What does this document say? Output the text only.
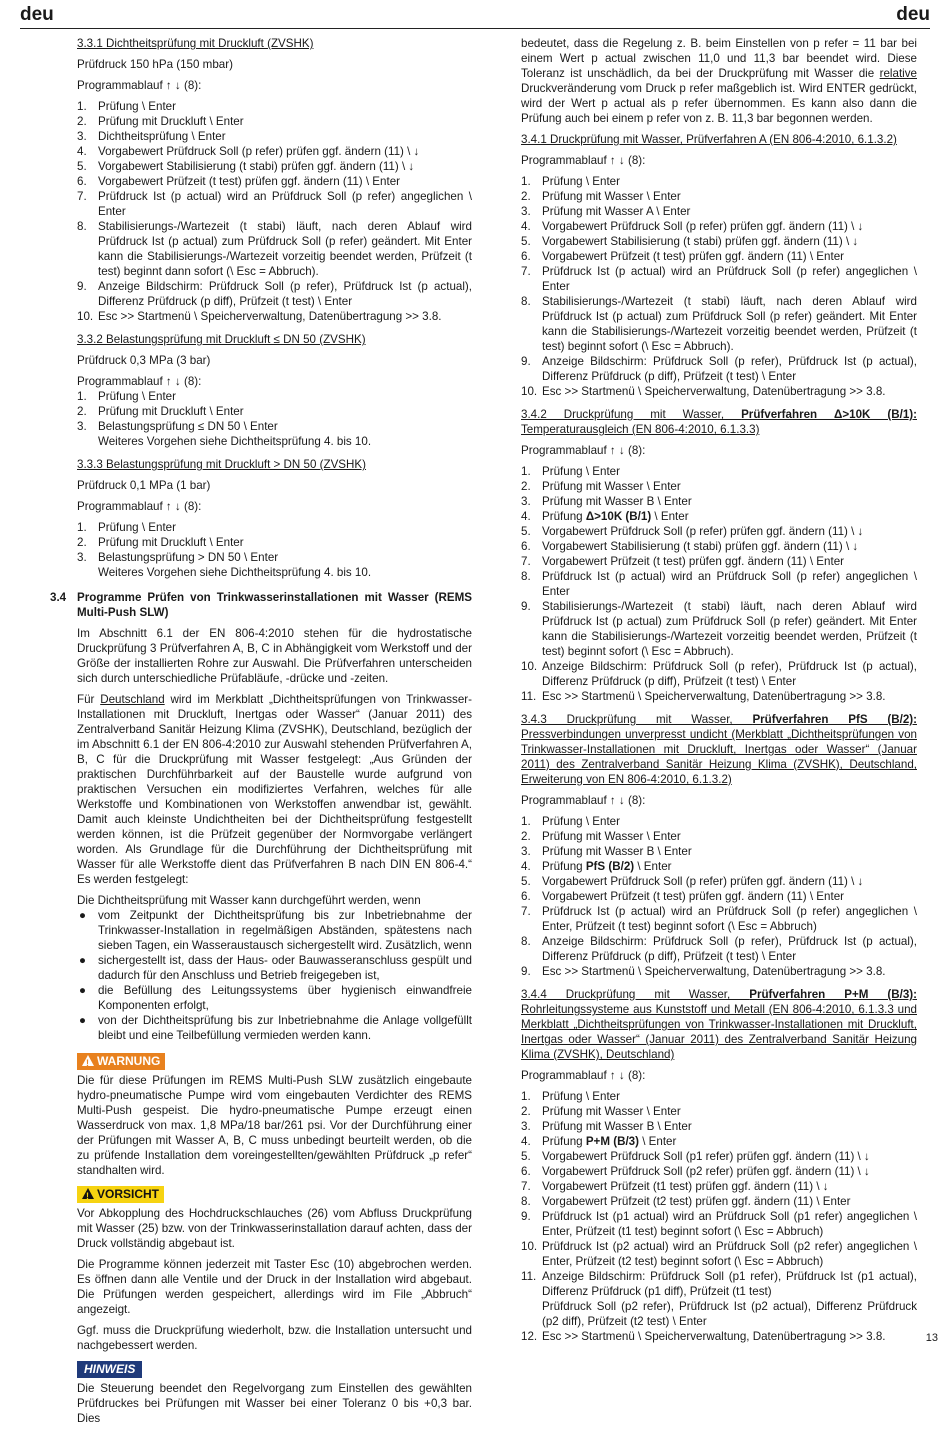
deu	deu

3.3.1 Dichtheitsprüfung mit Druckluft (ZVSHK)

Prüfdruck 150 hPa (150 mbar)

Programmablauf ↑ ↓ (8):

1. Prüfung \ Enter
2. Prüfung mit Druckluft \ Enter
3. Dichtheitsprüfung \ Enter
4. Vorgabewert Prüfdruck Soll (p refer) prüfen ggf. ändern (11) \ ↓
5. Vorgabewert Stabilisierung (t stabi) prüfen ggf. ändern (11) \ ↓
6. Vorgabewert Prüfzeit (t test) prüfen ggf. ändern (11) \ Enter
7. Prüfdruck Ist (p actual) wird an Prüfdruck Soll (p refer) angeglichen \ Enter
8. Stabilisierungs-/Wartezeit (t stabi) läuft, nach deren Ablauf wird Prüfdruck Ist (p actual) zum Prüfdruck Soll (p refer) geändert. Mit Enter kann die Stabilisierungs-/Wartezeit vorzeitig beendet werden, Prüfzeit (t test) beginnt dann sofort (\ Esc = Abbruch).
9. Anzeige Bildschirm: Prüfdruck Soll (p refer), Prüfdruck Ist (p actual), Differenz Prüfdruck (p diff), Prüfzeit (t test) \ Enter
10. Esc >> Startmenü \ Speicherverwaltung, Datenübertragung >> 3.8.

3.3.2 Belastungsprüfung mit Druckluft ≤ DN 50 (ZVSHK)

Prüfdruck 0,3 MPa (3 bar)

Programmablauf ↑ ↓ (8):

1. Prüfung \ Enter
2. Prüfung mit Druckluft \ Enter
3. Belastungsprüfung ≤ DN 50 \ Enter

Weiteres Vorgehen siehe Dichtheitsprüfung 4. bis 10.

3.3.3 Belastungsprüfung mit Druckluft > DN 50 (ZVSHK)

Prüfdruck 0,1 MPa (1 bar)

Programmablauf ↑ ↓ (8):

1. Prüfung \ Enter
2. Prüfung mit Druckluft \ Enter
3. Belastungsprüfung > DN 50 \ Enter

Weiteres Vorgehen siehe Dichtheitsprüfung 4. bis 10.

3.4 Programme Prüfen von Trinkwasserinstallationen mit Wasser (REMS Multi-Push SLW)

Im Abschnitt 6.1 der EN 806-4:2010 stehen für die hydrostatische Druckprüfung 3 Prüfverfahren A, B, C in Abhängigkeit vom Werkstoff und der Größe der installierten Rohre zur Auswahl. Die Prüfverfahren unterscheiden sich durch unterschiedliche Prüfabläufe, -drücke und -zeiten.

Für Deutschland wird im Merkblatt „Dichtheitsprüfungen von Trinkwasser-Installationen mit Druckluft, Inertgas oder Wasser“ (Januar 2011) des Zentralverband Sanitär Heizung Klima (ZVSHK), Deutschland, bezüglich der im Abschnitt 6.1 der EN 806-4:2010 zur Auswahl stehenden Prüfverfahren A, B, C für die Druckprüfung mit Wasser festgelegt: „Aus Gründen der praktischen Durchführbarkeit auf der Baustelle wurde aufgrund von praktischen Versuchen ein modifiziertes Verfahren, welches für alle Werkstoffe und Kombinationen von Werkstoffen anwendbar ist, gewählt. Damit auch kleinste Undichtheiten bei der Dichtheitsprüfung festgestellt werden können, ist die Prüfzeit gegenüber der Normvorgabe verlängert worden. Als Grundlage für die Durchführung der Dichtheitsprüfung mit Wasser für alle Werkstoffe dient das Prüfverfahren B nach DIN EN 806-4.“ Es werden festgelegt:

Die Dichtheitsprüfung mit Wasser kann durchgeführt werden, wenn

● vom Zeitpunkt der Dichtheitsprüfung bis zur Inbetriebnahme der Trinkwasser-Installation in regelmäßigen Abständen, spätestens nach sieben Tagen, ein Wasseraustausch sichergestellt wird. Zusätzlich, wenn
● sichergestellt ist, dass der Haus- oder Bauwasseranschluss gespült und dadurch für den Anschluss und Betrieb freigegeben ist,
● die Befüllung des Leitungssystems über hygienisch einwandfreie Komponenten erfolgt,
● von der Dichtheitsprüfung bis zur Inbetriebnahme die Anlage vollgefüllt bleibt und eine Teilbefüllung vermieden werden kann.
!WARNUNG

Die für diese Prüfungen im REMS Multi-Push SLW zusätzlich eingebaute hydro-pneumatische Pumpe wird vom eingebauten Verdichter des REMS Multi-Push gespeist. Die hydro-pneumatische Pumpe erzeugt einen Wasserdruck von max. 1,8 MPa/18 bar/261 psi. Vor der Durchführung einer der Prüfungen mit Wasser A, B, C muss unbedingt beurteilt werden, ob die zu prüfende Installation dem voreingestellten/gewählten Prüfdruck „p refer“ standhalten wird.

!VORSICHT

Vor Abkopplung des Hochdruckschlauches (26) vom Abfluss Druckprüfung mit Wasser (25) bzw. von der Trinkwasserinstallation darauf achten, dass der Druck vollständig abgebaut ist.

Die Programme können jederzeit mit Taster Esc (10) abgebrochen werden. Es öffnen dann alle Ventile und der Druck in der Installation wird abgebaut. Die Prüfungen werden gespeichert, allerdings wird im File „Abbruch“ angezeigt.

Ggf. muss die Druckprüfung wiederholt, bzw. die Installation untersucht und nachgebessert werden.

HINWEIS

Die Steuerung beendet den Regelvorgang zum Einstellen des gewählten Prüfdruckes bei Prüfungen mit Wasser bei einer Toleranz 0 bis +0,3 bar. Dies

bedeutet, dass die Regelung z. B. beim Einstellen von p refer = 11 bar bei einem Wert p actual zwischen 11,0 und 11,3 bar beendet wird. Diese Toleranz ist unschädlich, da bei der Druckprüfung mit Wasser die relative Druckveränderung vom Druck p refer maßgeblich ist. Wird ENTER gedrückt, wird der Wert p actual als p refer übernommen. Es kann also dann die Prüfung auch bei einem p refer von z. B. 11,3 bar begonnen werden.

3.4.1 Druckprüfung mit Wasser, Prüfverfahren A (EN 806-4:2010, 6.1.3.2)

Programmablauf ↑ ↓ (8):

1. Prüfung \ Enter
2. Prüfung mit Wasser \ Enter
3. Prüfung mit Wasser A \ Enter
4. Vorgabewert Prüfdruck Soll (p refer) prüfen ggf. ändern (11) \ ↓
5. Vorgabewert Stabilisierung (t stabi) prüfen ggf. ändern (11) \ ↓
6. Vorgabewert Prüfzeit (t test) prüfen ggf. ändern (11) \ Enter
7. Prüfdruck Ist (p actual) wird an Prüfdruck Soll (p refer) angeglichen \ Enter
8. Stabilisierungs-/Wartezeit (t stabi) läuft, nach deren Ablauf wird Prüfdruck Ist (p actual) zum Prüfdruck Soll (p refer) geändert. Mit Enter kann die Stabilisierungs-/Wartezeit vorzeitig beendet werden, Prüfzeit (t test) beginnt sofort (\ Esc = Abbruch).
9. Anzeige Bildschirm: Prüfdruck Soll (p refer), Prüfdruck Ist (p actual), Differenz Prüfdruck (p diff), Prüfzeit (t test) \ Enter
10. Esc >> Startmenü \ Speicherverwaltung, Datenübertragung >> 3.8.

3.4.2 Druckprüfung mit Wasser, Prüfverfahren Δ>10K (B/1): Temperaturausgleich (EN 806-4:2010, 6.1.3.3)

Programmablauf ↑ ↓ (8):

1. Prüfung \ Enter
2. Prüfung mit Wasser \ Enter
3. Prüfung mit Wasser B \ Enter
4. Prüfung Δ>10K (B/1) \ Enter
5. Vorgabewert Prüfdruck Soll (p refer) prüfen ggf. ändern (11) \ ↓
6. Vorgabewert Stabilisierung (t stabi) prüfen ggf. ändern (11) \ ↓
7. Vorgabewert Prüfzeit (t test) prüfen ggf. ändern (11) \ Enter
8. Prüfdruck Ist (p actual) wird an Prüfdruck Soll (p refer) angeglichen \ Enter
9. Stabilisierungs-/Wartezeit (t stabi) läuft, nach deren Ablauf wird Prüfdruck Ist (p actual) zum Prüfdruck Soll (p refer) geändert. Mit Enter kann die Stabilisierungs-/Wartezeit vorzeitig beendet werden, Prüfzeit (t test) beginnt sofort (\ Esc = Abbruch).
10. Anzeige Bildschirm: Prüfdruck Soll (p refer), Prüfdruck Ist (p actual), Differenz Prüfdruck (p diff), Prüfzeit (t test) \ Enter
11. Esc >> Startmenü \ Speicherverwaltung, Datenübertragung >> 3.8.

3.4.3 Druckprüfung mit Wasser, Prüfverfahren PfS (B/2): Pressverbindungen unverpresst undicht (Merkblatt „Dichtheitsprüfungen von Trinkwasser-Installationen mit Druckluft, Inertgas oder Wasser“ (Januar 2011) des Zentralverband Sanitär Heizung Klima (ZVSHK), Deutschland, Erweiterung von EN 806-4:2010, 6.1.3.2)

Programmablauf ↑ ↓ (8):

1. Prüfung \ Enter
2. Prüfung mit Wasser \ Enter
3. Prüfung mit Wasser B \ Enter
4. Prüfung PfS (B/2) \ Enter
5. Vorgabewert Prüfdruck Soll (p refer) prüfen ggf. ändern (11) \ ↓
6. Vorgabewert Prüfzeit (t test) prüfen ggf. ändern (11) \ Enter
7. Prüfdruck Ist (p actual) wird an Prüfdruck Soll (p refer) angeglichen \ Enter, Prüfzeit (t test) beginnt sofort (\ Esc = Abbruch)
8. Anzeige Bildschirm: Prüfdruck Soll (p refer), Prüfdruck Ist (p actual), Differenz Prüfdruck (p diff), Prüfzeit (t test) \ Enter
9. Esc >> Startmenü \ Speicherverwaltung, Datenübertragung >> 3.8.

3.4.4 Druckprüfung mit Wasser, Prüfverfahren P+M (B/3): Rohrleitungssysteme aus Kunststoff und Metall (EN 806-4:2010, 6.1.3.3 und Merkblatt „Dichtheitsprüfungen von Trinkwasser-Installationen mit Druckluft, Inertgas oder Wasser“ (Januar 2011) des Zentralverband Sanitär Heizung Klima (ZVSHK), Deutschland)

Programmablauf ↑ ↓ (8):

1. Prüfung \ Enter
2. Prüfung mit Wasser \ Enter
3. Prüfung mit Wasser B \ Enter
4. Prüfung P+M (B/3) \ Enter
5. Vorgabewert Prüfdruck Soll (p1 refer) prüfen ggf. ändern (11) \ ↓
6. Vorgabewert Prüfdruck Soll (p2 refer) prüfen ggf. ändern (11) \ ↓
7. Vorgabewert Prüfzeit (t1 test) prüfen ggf. ändern (11) \ ↓
8. Vorgabewert Prüfzeit (t2 test) prüfen ggf. ändern (11) \ Enter
9. Prüfdruck Ist (p1 actual) wird an Prüfdruck Soll (p1 refer) angeglichen \ Enter, Prüfzeit (t1 test) beginnt sofort (\ Esc = Abbruch)
10. Prüfdruck Ist (p2 actual) wird an Prüfdruck Soll (p2 refer) angeglichen \ Enter, Prüfzeit (t2 test) beginnt sofort (\ Esc = Abbruch)
11. Anzeige Bildschirm: Prüfdruck Soll (p1 refer), Prüfdruck Ist (p1 actual), Differenz Prüfdruck (p1 diff), Prüfzeit (t1 test)
Prüfdruck Soll (p2 refer), Prüfdruck Ist (p2 actual), Differenz Prüfdruck (p2 diff), Prüfzeit (t2 test) \ Enter
12. Esc >> Startmenü \ Speicherverwaltung, Datenübertragung >> 3.8.	13
